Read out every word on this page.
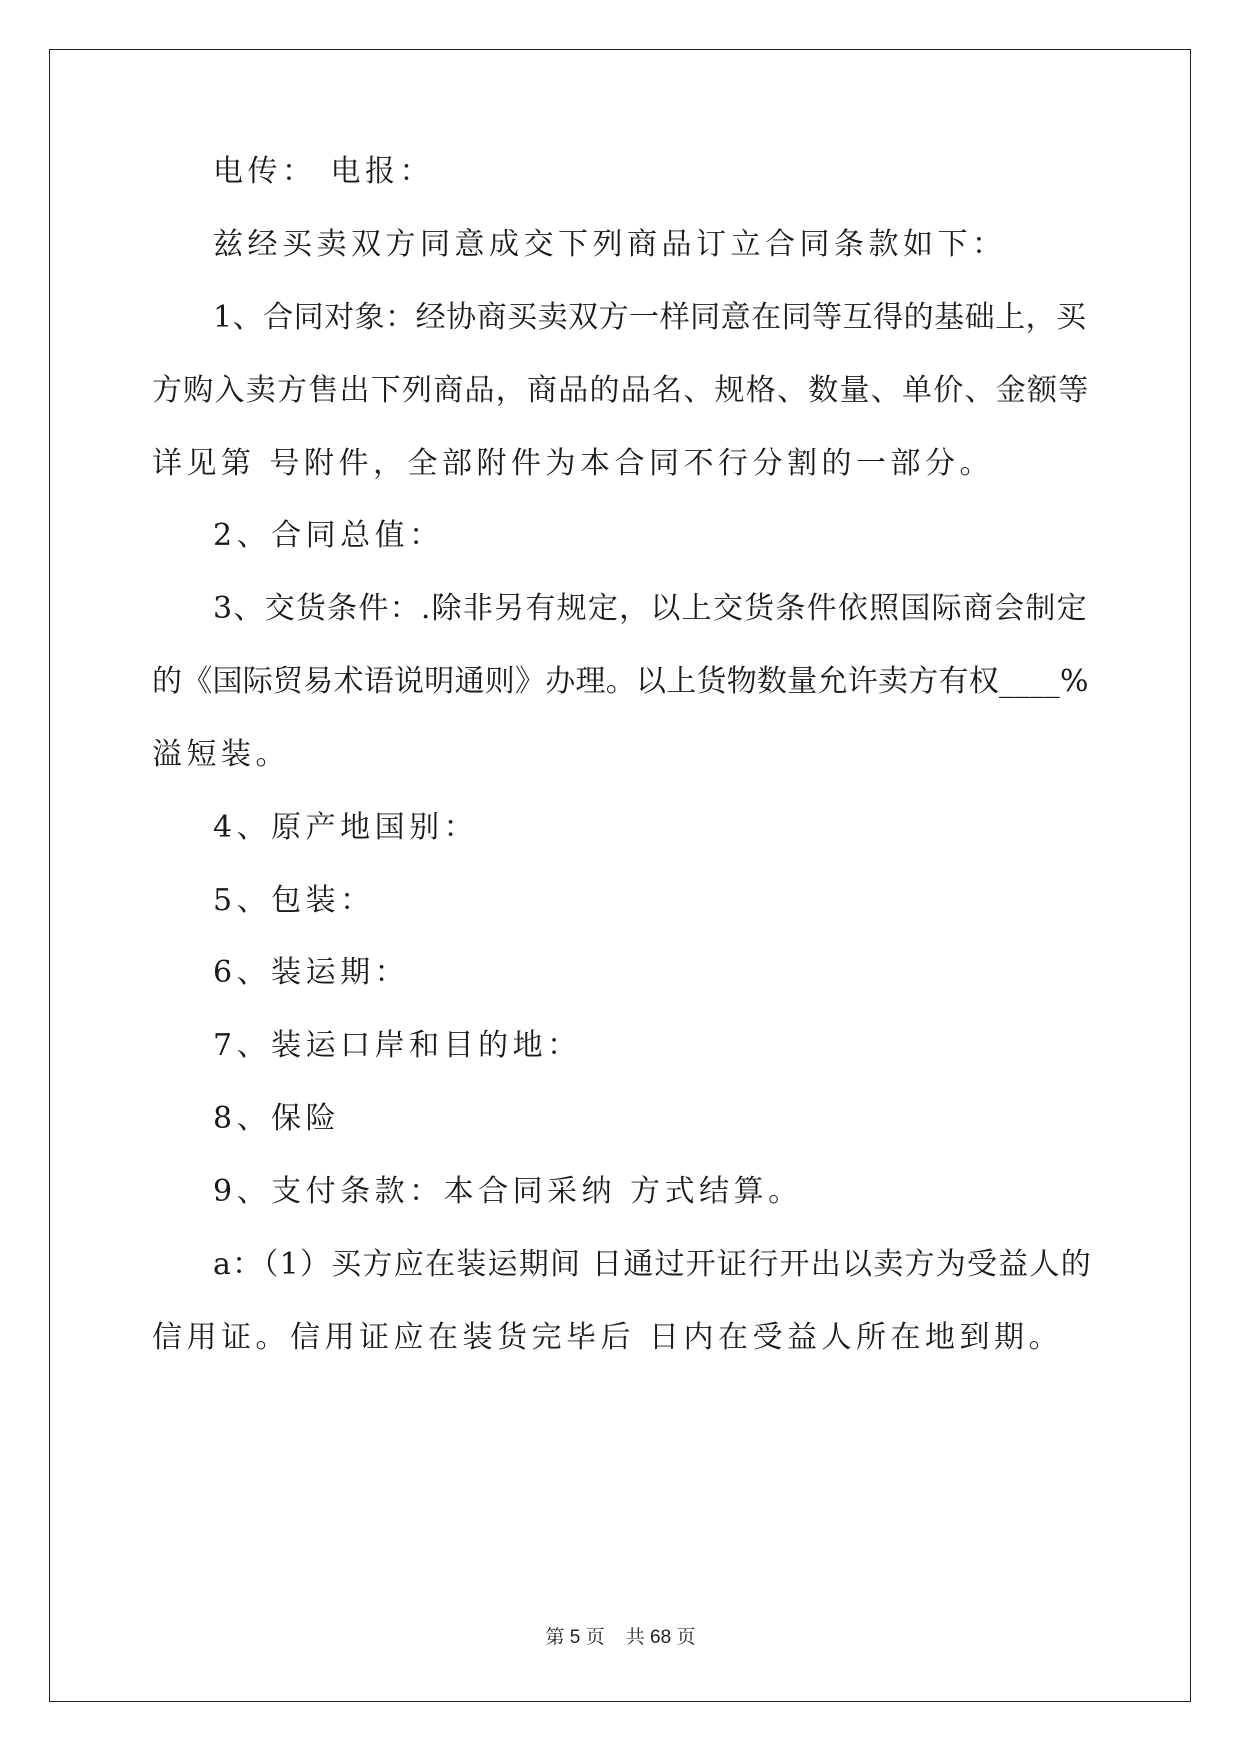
电传： 电报：
兹经买卖双方同意成交下列商品订立合同条款如下：
1、合同对象：经协商买卖双方一样同意在同等互得的基础上，买
方购入卖方售出下列商品，商品的品名、规格、数量、单价、金额等
详见第 号附件，全部附件为本合同不行分割的一部分。
2、合同总值：
3、交货条件：.除非另有规定，以上交货条件依照国际商会制定
的《国际贸易术语说明通则》办理。以上货物数量允许卖方有权____%
溢短装。
4、原产地国别：
5、包装：
6、装运期：
7、装运口岸和目的地：
8、保险
9、支付条款：本合同采纳 方式结算。
a：（1）买方应在装运期间 日通过开证行开出以卖方为受益人的
信用证。信用证应在装货完毕后 日内在受益人所在地到期。
第 5 页    共 68 页
